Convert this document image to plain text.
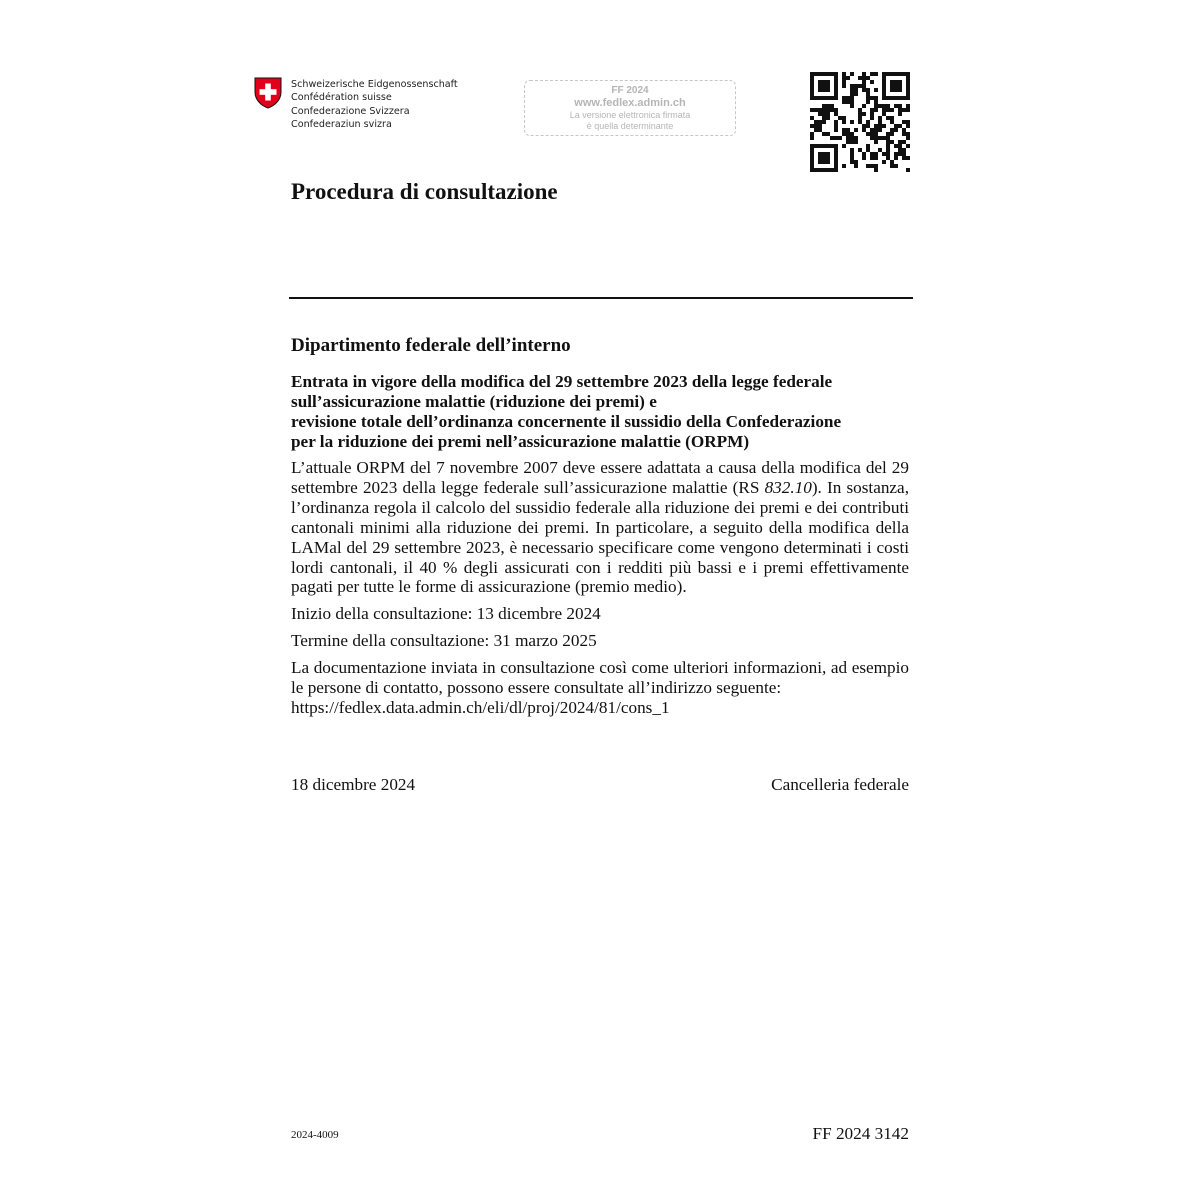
Schweizerische Eidgenossenschaft
Confédération suisse
Confederazione Svizzera
Confederaziun svizra
FF 2024
www.fedlex.admin.ch
La versione elettronica firmata
è quella determinante
Procedura di consultazione
Dipartimento federale dell’interno
Entrata in vigore della modifica del 29 settembre 2023 della legge federale
sull’assicurazione malattie (riduzione dei premi) e
revisione totale dell’ordinanza concernente il sussidio della Confederazione
per la riduzione dei premi nell’assicurazione malattie (ORPM)

L’attuale ORPM del 7 novembre 2007 deve essere adattata a causa della modifica del 29 settembre 2023 della legge federale sull’assicurazione malattie (RS 832.10). In sostanza, l’ordinanza regola il calcolo del sussidio federale alla riduzione dei premi e dei contributi cantonali minimi alla riduzione dei premi. In particolare, a seguito della modifica della LAMal del 29 settembre 2023, è necessario specificare come vengono determinati i costi lordi cantonali, il 40 % degli assicurati con i redditi più bassi e i premi effettivamente pagati per tutte le forme di assicurazione (premio medio).

Inizio della consultazione: 13 dicembre 2024

Termine della consultazione: 31 marzo 2025

La documentazione inviata in consultazione così come ulteriori informazioni, ad esempio le persone di contatto, possono essere consultate all’indirizzo seguente:
https://fedlex.data.admin.ch/eli/dl/proj/2024/81/cons_1

18 dicembre 2024	Cancelleria federale
2024-4009	FF 2024 3142
